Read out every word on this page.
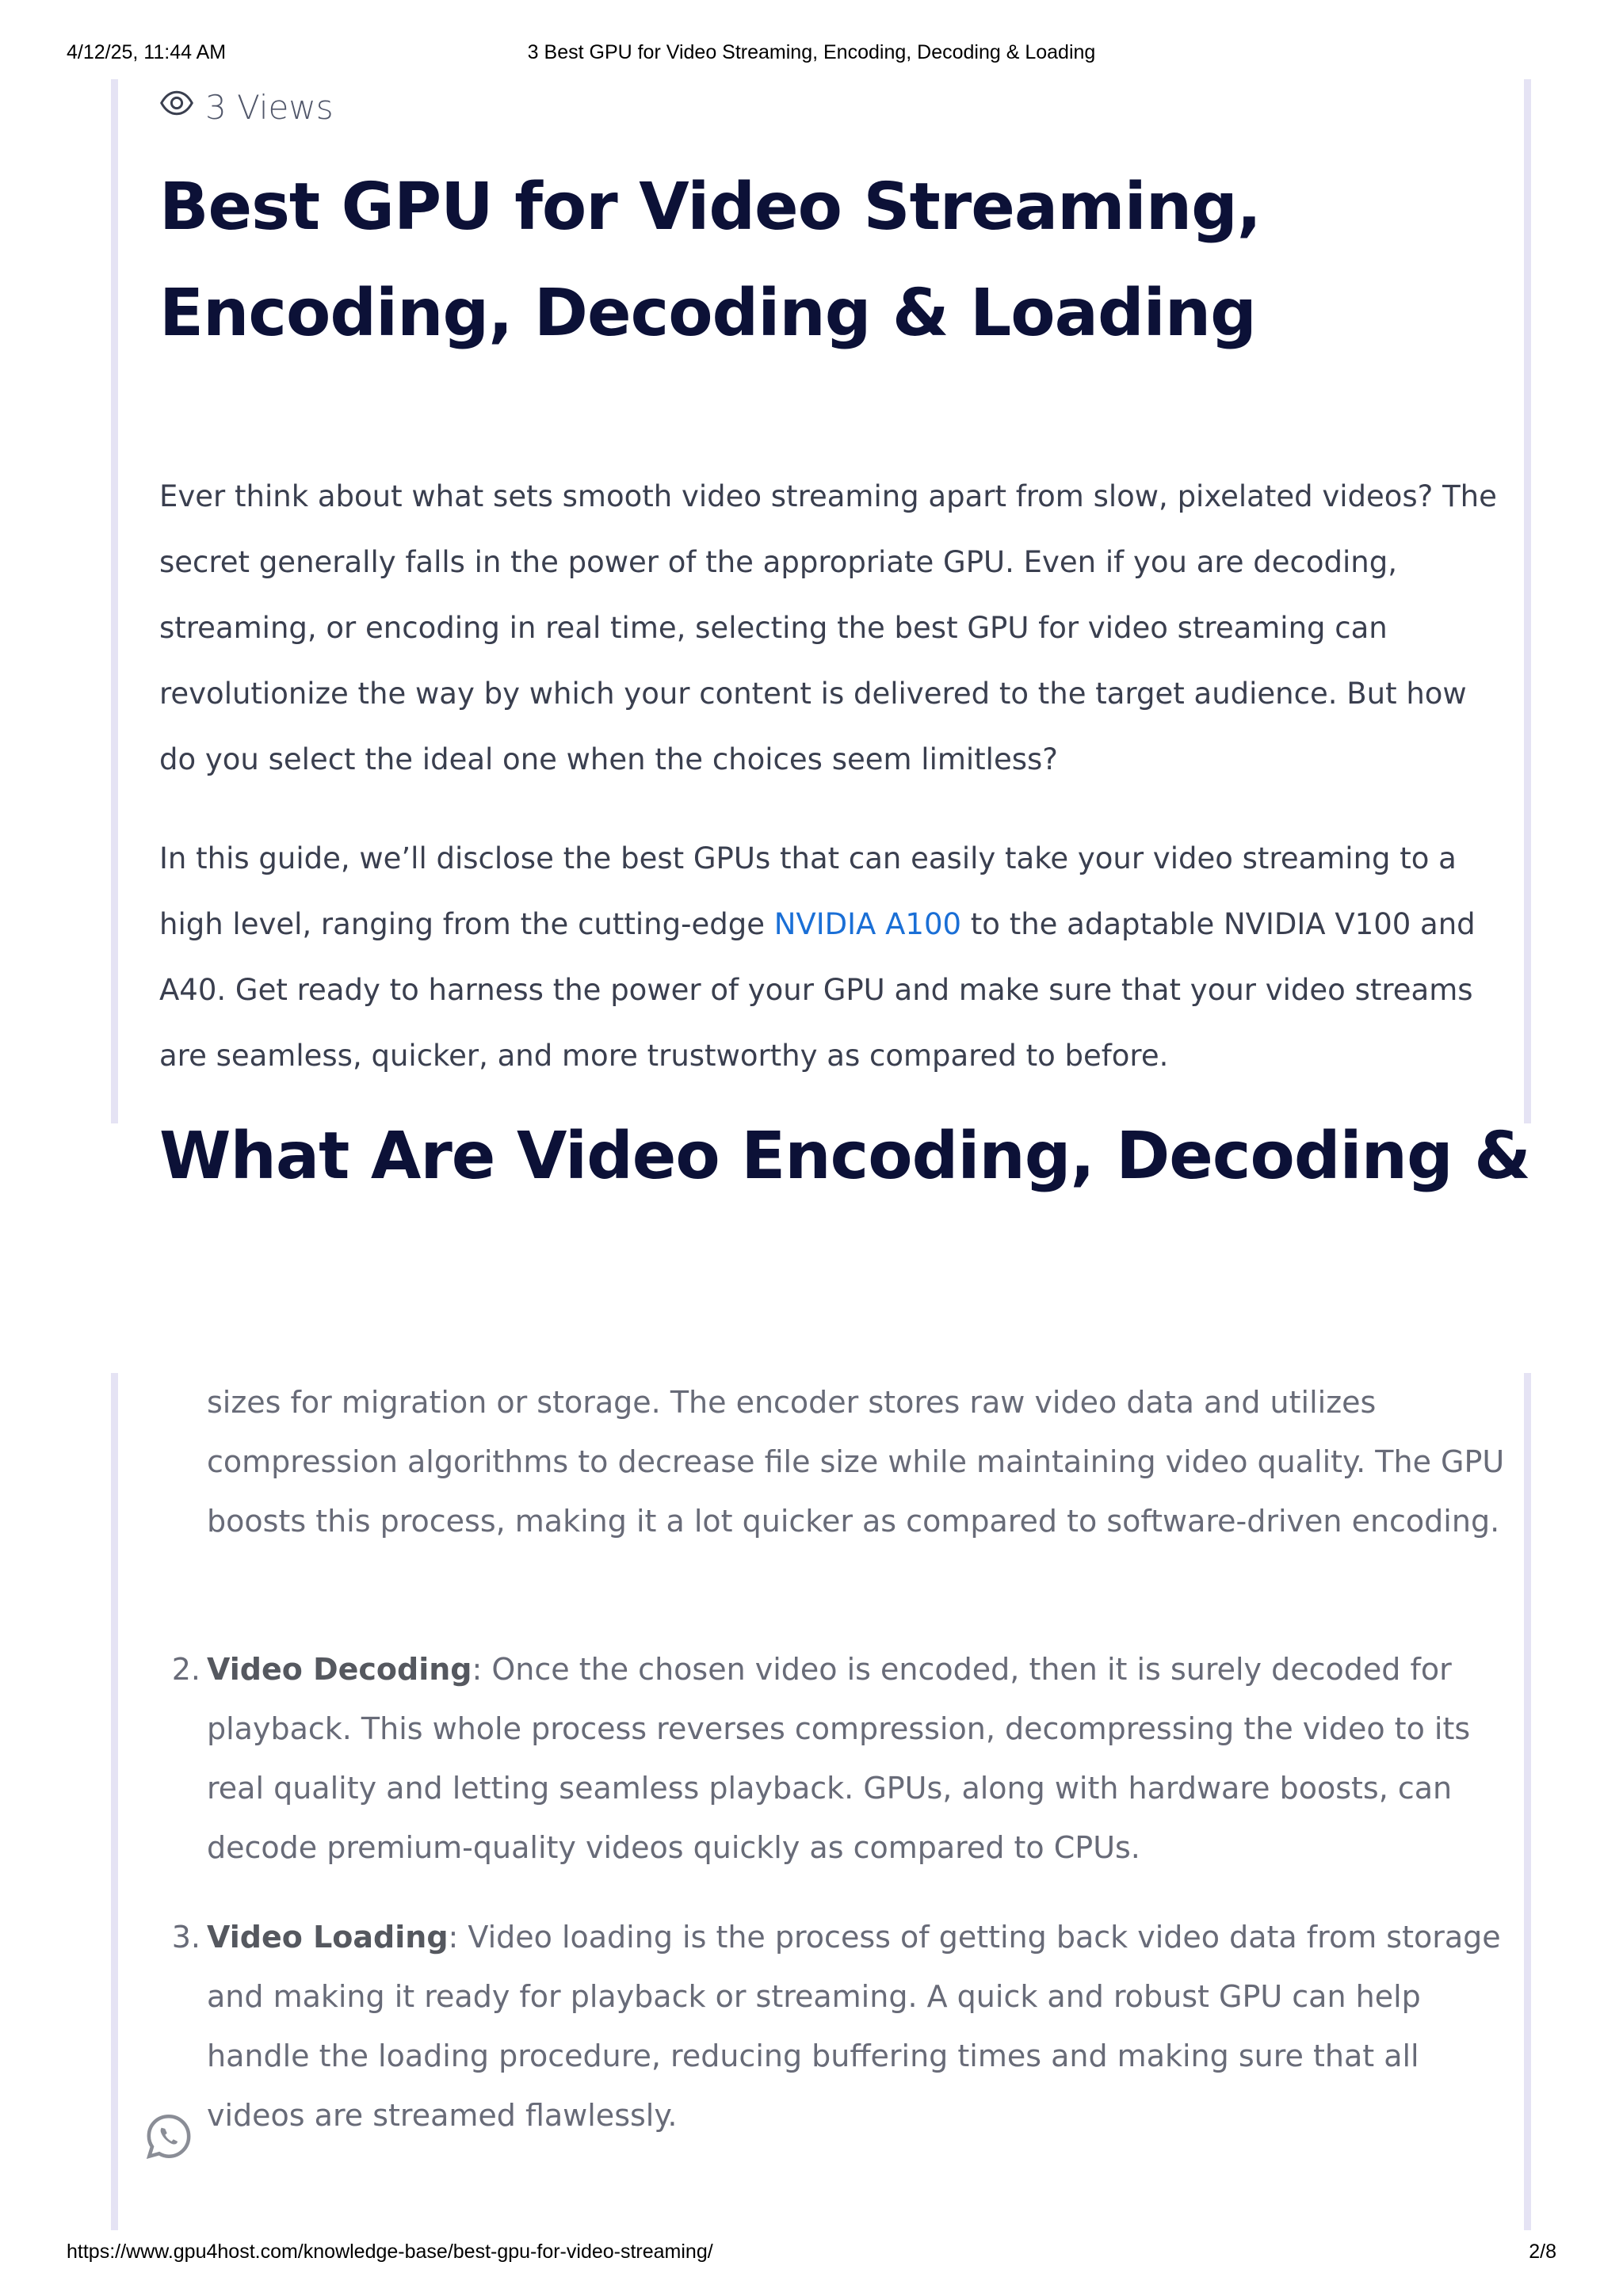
4/12/25, 11:44 AM	3 Best GPU for Video Streaming, Encoding, Decoding & Loading
3 Views
Best GPU for Video Streaming, Encoding, Decoding & Loading

Ever think about what sets smooth video streaming apart from slow, pixelated videos? The secret generally falls in the power of the appropriate GPU. Even if you are decoding, streaming, or encoding in real time, selecting the best GPU for video streaming can revolutionize the way by which your content is delivered to the target audience. But how do you select the ideal one when the choices seem limitless?

In this guide, we’ll disclose the best GPUs that can easily take your video streaming to a high level, ranging from the cutting-edge NVIDIA A100 to the adaptable NVIDIA V100 and A40. Get ready to harness the power of your GPU and make sure that your video streams are seamless, quicker, and more trustworthy as compared to before.

What Are Video Encoding, Decoding &
sizes for migration or storage. The encoder stores raw video data and utilizes compression algorithms to decrease file size while maintaining video quality. The GPU boosts this process, making it a lot quicker as compared to software-driven encoding.
2. Video Decoding: Once the chosen video is encoded, then it is surely decoded for playback. This whole process reverses compression, decompressing the video to its real quality and letting seamless playback. GPUs, along with hardware boosts, can decode premium-quality videos quickly as compared to CPUs.
3. Video Loading: Video loading is the process of getting back video data from storage and making it ready for playback or streaming. A quick and robust GPU can help handle the loading procedure, reducing buffering times and making sure that all videos are streamed flawlessly.
https://www.gpu4host.com/knowledge-base/best-gpu-for-video-streaming/	2/8
